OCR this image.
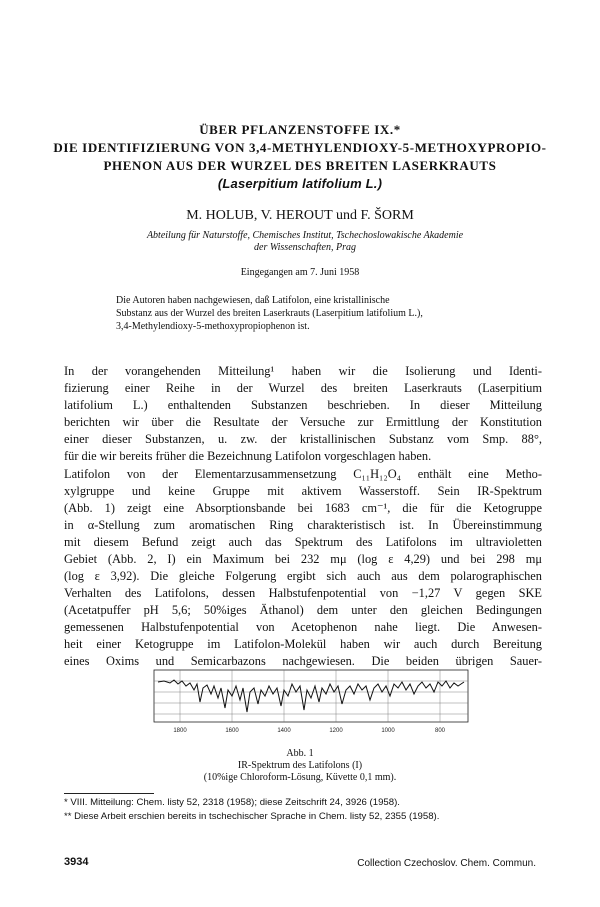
ÜBER PFLANZENSTOFFE IX.*
DIE IDENTIFIZIERUNG VON 3,4-METHYLENDIOXY-5-METHOXYPROPIO-
PHENON AUS DER WURZEL DES BREITEN LASERKRAUTS
(Laserpitium latifolium L.)
M. HOLUB, V. HEROUT und F. ŠORM
Abteilung für Naturstoffe, Chemisches Institut, Tschechoslowakische Akademie
der Wissenschaften, Prag
Eingegangen am 7. Juni 1958
Die Autoren haben nachgewiesen, daß Latifolon, eine kristallinische
Substanz aus der Wurzel des breiten Laserkrauts (Laserpitium latifolium L.),
3,4-Methylendioxy-5-methoxypropiophenon ist.
In der vorangehenden Mitteilung¹ haben wir die Isolierung und Identi-
fizierung einer Reihe in der Wurzel des breiten Laserkrauts (Laserpitium
latifolium L.) enthaltenden Substanzen beschrieben. In dieser Mitteilung
berichten wir über die Resultate der Versuche zur Ermittlung der Konstitution
einer dieser Substanzen, u. zw. der kristallinischen Substanz vom Smp. 88°,
für die wir bereits früher die Bezeichnung Latifolon vorgeschlagen haben.
Latifolon von der Elementarzusammensetzung C₁₁H₁₂O₄ enthält eine Metho-
xylgruppe und keine Gruppe mit aktivem Wasserstoff. Sein IR-Spektrum
(Abb. 1) zeigt eine Absorptionsbande bei 1683 cm⁻¹, die für die Ketogruppe
in α-Stellung zum aromatischen Ring charakteristisch ist. In Übereinstimmung
mit diesem Befund zeigt auch das Spektrum des Latifolons im ultravioletten
Gebiet (Abb. 2, I) ein Maximum bei 232 mμ (log ε 4,29) und bei 298 mμ
(log ε 3,92). Die gleiche Folgerung ergibt sich auch aus dem polarographischen
Verhalten des Latifolons, dessen Halbstufenpotential von −1,27 V gegen SKE
(Acetatpuffer pH 5,6; 50%iges Äthanol) dem unter den gleichen Bedingungen
gemessenen Halbstufenpotential von Acetophenon nahe liegt. Die Anwesen-
heit einer Ketogruppe im Latifolon-Molekül haben wir auch durch Bereitung
eines Oxims und Semicarbazons nachgewiesen. Die beiden übrigen Sauer-
1800	1600	1400	1200	1000	800
Abb. 1
IR-Spektrum des Latifolons (I)
(10%ige Chloroform-Lösung, Küvette 0,1 mm).
* VIII. Mitteilung: Chem. listy 52, 2318 (1958); diese Zeitschrift 24, 3926 (1958).
** Diese Arbeit erschien bereits in tschechischer Sprache in Chem. listy 52, 2355 (1958).
3934	Collection Czechoslov. Chem. Commun.
